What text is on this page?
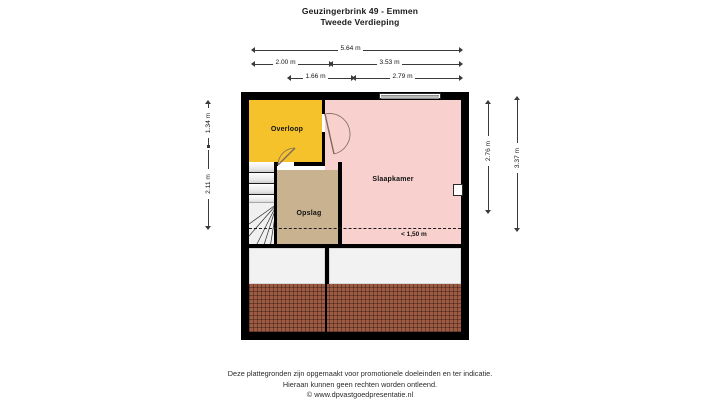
Geuzingerbrink 49 - Emmen
Tweede Verdieping
5.64 m
2.00 m	3.53 m
1.66 m	2.79 m
1.34 m
2.11 m
2.76 m	3.37 m
Slaapkamer
Overloop
Opslag
< 1,50 m
Deze plattegronden zijn opgemaakt voor promotionele doeleinden en ter indicatie.
Hieraan kunnen geen rechten worden ontleend.
© www.dpvastgoedpresentatie.nl
